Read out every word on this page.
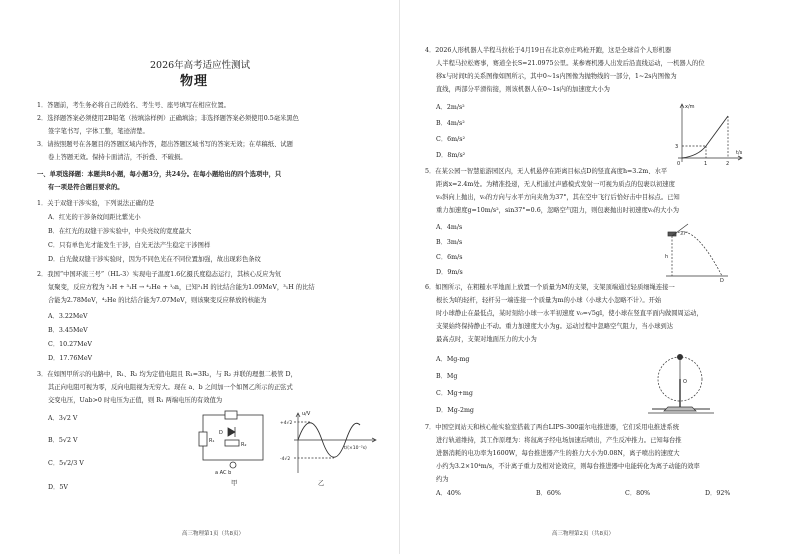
2026年高考适应性测试
物理
1．答题前，考生务必将自己的姓名、考生号、座号填写在相应位置。
2．选择题答案必须使用2B铅笔（按填涂样例）正确填涂；非选择题答案必须使用0.5毫米黑色
签字笔书写，字体工整，笔迹清楚。
3．请按照题号在各题目的答题区域内作答，超出答题区域书写的答案无效；在草稿纸、试题
卷上答题无效。保持卡面清洁，不折叠、不破损。
一、单项选择题：本题共8小题，每小题3分，共24分。在每小题给出的四个选项中，只
有一项是符合题目要求的。
1．关于双缝干涉实验，下列说法正确的是
A．红光的干涉条纹间距比紫光小
B．在红光的双缝干涉实验中，中央亮纹的宽度最大
C．只有单色光才能发生干涉，白光无法产生稳定干涉图样
D．白光做双缝干涉实验时，因为不同色光在不同位置加强，故出现彩色条纹
2．我国“中国环流三号”（HL-3）实现电子温度1.6亿摄氏度稳态运行，其核心反应为氘
氚聚变，反应方程为 ²₁H + ³₁H → ⁴₂He + ¹₀n，已知²₁H 的比结合能为1.09MeV，³₁H 的比结
合能为2.78MeV，⁴₂He 的比结合能为7.07MeV，则该聚变反应释放的核能为
A．3.22MeV
B．3.45MeV
C．10.27MeV
D．17.76MeV
3．在如图甲所示的电路中，R₁、R₂ 均为定值电阻且 R₁=3R₂，与 R₂ 并联的理想二极管 D，
其正向电阻可视为零，反向电阻视为无穷大。现在 a、b 之间加一个如图乙所示的正弦式
交变电压，Uab>0 时电压为正值，则 R₁ 两端电压的有效值为
A．3√2 V
B．5√2 V
C．5√2/3 V
D．5V
D
R₂
R₁
a AC b
甲
u/V
+4√2
-4√2
t/(×10⁻²s)
乙
高三物理第1页（共8页）
4．2026人形机器人半程马拉松于4月19日在北京亦庄鸣枪开跑，这是全球首个人形机器
人半程马拉松赛事，赛道全长S=21.0975公里。某参赛机器人出发后沿直线运动，一机器人的位
移x与时间t的关系图像如图所示，其中0~1s内图像为抛物线的一部分，1~2s内图像为
直线，两部分平滑衔接，则该机器人在0~1s内的加速度大小为
A．2m/s²
B．4m/s²
C．6m/s²
D．8m/s²
x/m
3
0	1	2
t/s
5．在某公园一智慧旅游园区内，无人机悬停在距离目标点D的竖直高度h=3.2m、水平
距离x=2.4m处。为精准投递，无人机通过声感模式发射一可视为质点的包裹以初速度
v₀斜向上抛出，v₀的方向与水平方向夹角为37°，其在空中飞行后恰好击中目标点。已知
重力加速度g=10m/s²，sin37°=0.6，忽略空气阻力，则包裹抛出时初速度v₀的大小为
A．4m/s
B．3m/s
C．6m/s
D．9m/s
37°
h
D
6．如图所示，在粗糙水平地面上放置一个质量为M的支架，支架顶端通过轻质细绳连接一
根长为l的轻杆，轻杆另一端连接一个质量为m的小球（小球大小忽略不计）。开始
时小球静止在最低点，某时刻给小球一水平初速度 v₀=√5gl，使小球在竖直平面内做圆周运动，
支架始终保持静止不动。重力加速度大小为g。运动过程中忽略空气阻力，当小球到达
最高点时，支架对地面压力的大小为
A．Mg-mg
B．Mg
C．Mg+mg
D．Mg-2mg
O
7．中国空间站天和核心舱实验室搭载了两台LIPS-300霍尔电推进器，它们采用电推进系统
进行轨道维持，其工作原理为：将氙离子经电场加速后喷出，产生反冲推力。已知每台推
进器消耗的电功率为1600W，每台推进器产生的推力大小为0.08N，离子喷出的速度大
小约为3.2×10⁴m/s，不计离子重力及相对论效应，则每台推进器中电能转化为离子动能的效率
约为
A．40%	B．60%	C．80%	D．92%
高三物理第2页（共8页）
